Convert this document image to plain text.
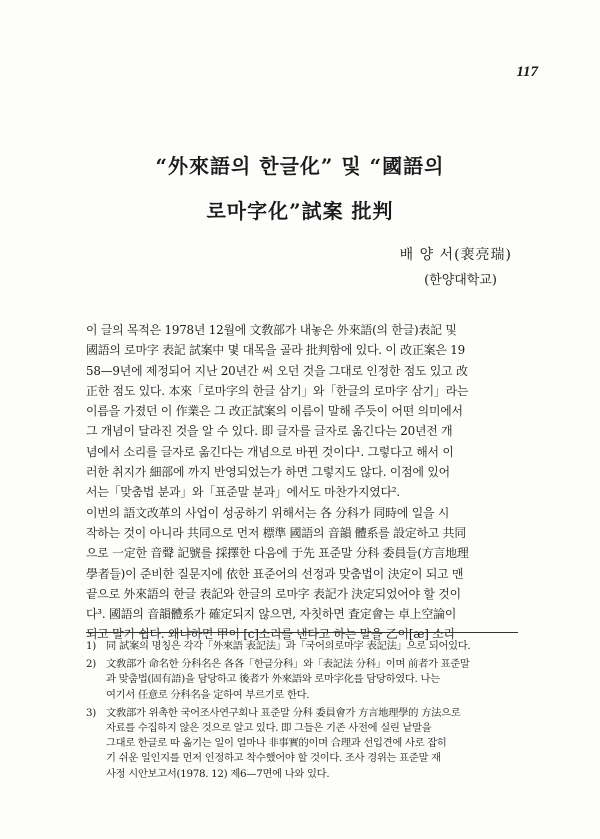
117
“外來語의 한글化” 및 “國語의
로마字化”試案 批判
배 양 서(裵亮瑞)
(한양대학교)
이 글의 목적은 1978년 12월에 文敎部가 내놓은 外來語(의 한글)表記 및
國語의 로마字 表記 試案中 몇 대목을 골라 批判함에 있다. 이 改正案은 19
58—9년에 제정되어 지난 20년간 써 오던 것을 그대로 인정한 점도 있고 改
正한 점도 있다. 本來「로마字의 한글 삼기」와「한글의 로마字 삼기」라는
이름을 가졌던 이 作業은 그 改正試案의 이름이 말해 주듯이 어떤 의미에서
그 개념이 달라진 것을 알 수 있다. 即 글자를 글자로 옮긴다는 20년전 개
념에서 소리를 글자로 옮긴다는 개념으로 바뀐 것이다¹. 그렇다고 해서 이
러한 취지가 細部에 까지 반영되었는가 하면 그렇지도 않다. 이점에 있어
서는「맞춤법 분과」와「표준말 분과」에서도 마찬가지였다².
이번의 語文改革의 사업이 성공하기 위해서는 各 分科가 同時에 일을 시
작하는 것이 아니라 共同으로 먼저 標準 國語의 音韻 體系를 設定하고 共同
으로 一定한 音聲 記號를 採擇한 다음에 于先 표준말 分科 委員들(方言地理
學者들)이 준비한 질문지에 依한 표준어의 선정과 맞춤법이 決定이 되고 맨
끝으로 外來語의 한글 表記와 한글의 로마字 表記가 決定되었어야 할 것이
다³. 國語의 音韻體系가 確定되지 않으면, 자칫하면 査定會는 卓上空論이
되고 말기 쉽다. 왜냐하면 甲이 [c]소리를 낸다고 하는 말을 乙이[æ] 소리
1) 同 試案의 명칭은 각각「外來語 表記法」과「국어의로마字 表記法」으로 되어있다.
2) 文敎部가 命名한 分科名은 各各「한글分科」와「表記法 分科」이며 前者가 표준말
과 맞춤법(固有語)을 담당하고 後者가 外來語와 로마字化를 담당하였다. 나는
여기서 任意로 分科名을 定하여 부르기로 한다.
3) 文敎部가 위촉한 국어조사연구회나 표준말 分科 委員會가 方言地理學的 方法으로
자료를 수집하지 않은 것으로 알고 있다. 即 그들은 기존 사전에 실린 낱말을
그대로 한글로 따 옮기는 일이 얼마나 非事實的이며 合理과 선입견에 사로 잡히
기 쉬운 일인지를 먼저 인정하고 착수했어야 할 것이다. 조사 경위는 표준말 재
사정 시안보고서(1978. 12) 제6—7면에 나와 있다.
